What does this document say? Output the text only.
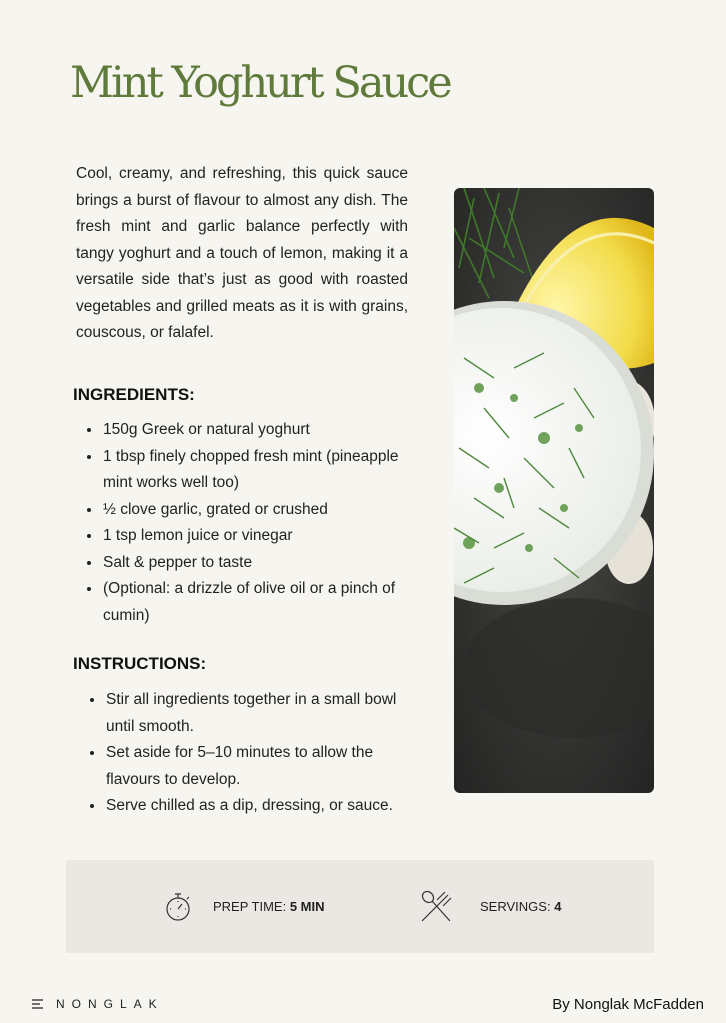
Mint Yoghurt Sauce

Cool, creamy, and refreshing, this quick sauce brings a burst of flavour to almost any dish. The fresh mint and garlic balance perfectly with tangy yoghurt and a touch of lemon, making it a versatile side that’s just as good with roasted vegetables and grilled meats as it is with grains, couscous, or falafel.

INGREDIENTS:
• 150g Greek or natural yoghurt
• 1 tbsp finely chopped fresh mint (pineapple mint works well too)
• ½ clove garlic, grated or crushed
• 1 tsp lemon juice or vinegar
• Salt & pepper to taste
• (Optional: a drizzle of olive oil or a pinch of cumin)
INSTRUCTIONS:
• Stir all ingredients together in a small bowl until smooth.
• Set aside for 5–10 minutes to allow the flavours to develop.
• Serve chilled as a dip, dressing, or sauce.
PREP TIME: 5 MIN	SERVINGS: 4
NONGLAK	By Nonglak McFadden
